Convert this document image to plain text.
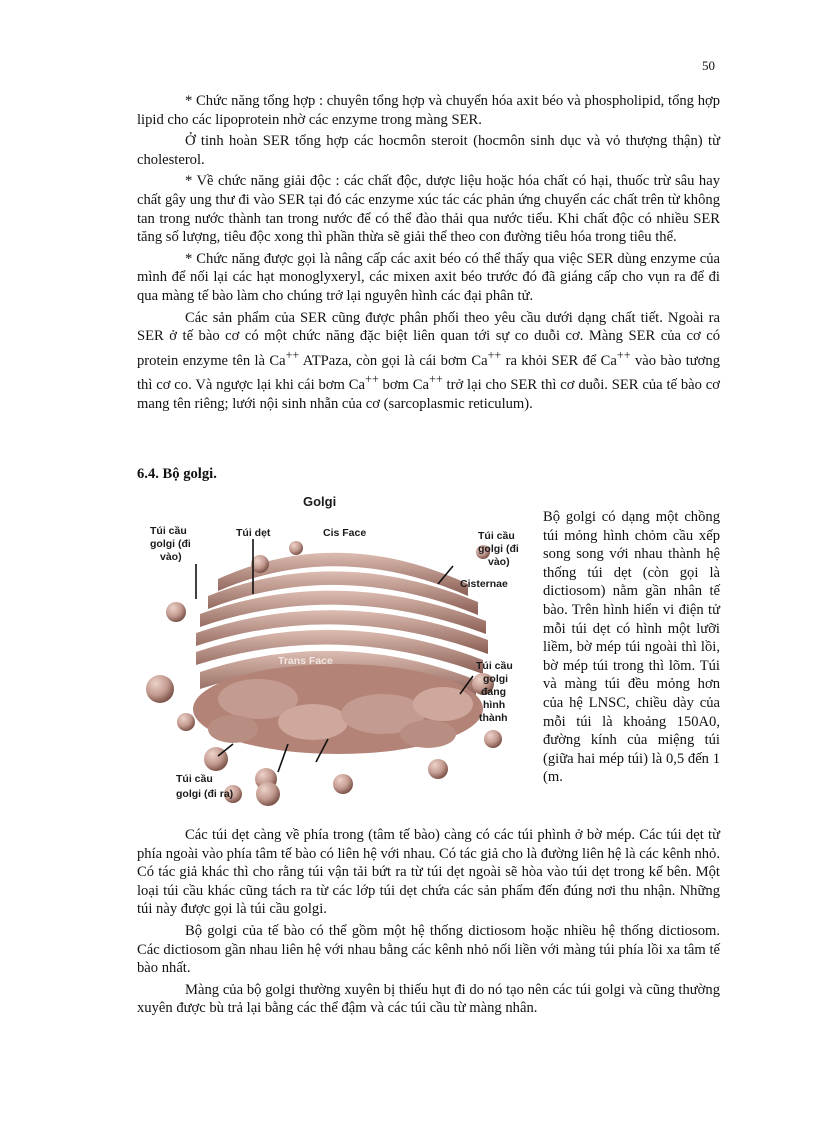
50

* Chức năng tổng hợp : chuyên tổng hợp và chuyển hóa axit béo và phospholipid, tổng hợp lipid cho các lipoprotein nhờ các enzyme trong màng SER.

Ở tinh hoàn SER tổng hợp các hocmôn steroit (hocmôn sinh dục và vỏ thượng thận) từ cholesterol.

* Về chức năng giải độc : các chất độc, dược liệu hoặc hóa chất có hại, thuốc trừ sâu hay chất gây ung thư đi vào SER tại đó các enzyme xúc tác các phản ứng chuyển các chất trên từ không tan trong nước thành tan trong nước để có thể đào thải qua nước tiểu. Khi chất độc có nhiều SER tăng số lượng, tiêu độc xong thì phần thừa sẽ giải thể theo con đường tiêu hóa trong tiêu thể.

* Chức năng được gọi là nâng cấp các axit béo có thể thấy qua việc SER dùng enzyme của mình để nối lại các hạt monoglyxeryl, các mixen axit béo trước đó đã giáng cấp cho vụn ra để đi qua màng tế bào làm cho chúng trở lại nguyên hình các đại phân tử.

Các sản phẩm của SER cũng được phân phối theo yêu cầu dưới dạng chất tiết. Ngoài ra SER ở tế bào cơ có một chức năng đặc biệt liên quan tới sự co duỗi cơ. Màng SER của cơ có protein enzyme tên là Ca++ ATPaza, còn gọi là cái bơm Ca++ ra khỏi SER để Ca++ vào bào tương thì cơ co. Và ngược lại khi cái bơm Ca++ bơm Ca++ trở lại cho SER thì cơ duỗi. SER của tế bào cơ mang tên riêng; lưới nội sinh nhẵn của cơ (sarcoplasmic reticulum).

6.4. Bộ golgi.
Golgi
Túi cầu
golgi (đi
vào)
Túi dẹt	Cis Face	Túi cầu
golgi (đi
vào)
Cisternae
Trans Face	Túi cầu
golgi
đang
hình
thành
Túi cầu
golgi (đi ra)
Bộ golgi có dạng một chồng túi mỏng hình chỏm cầu xếp song song với nhau thành hệ thống túi dẹt (còn gọi là dictiosom) nằm gần nhân tế bào. Trên hình hiển vi điện tử mỗi túi dẹt có hình một lưỡi liềm, bờ mép túi ngoài thì lồi, bờ mép túi trong thì lõm. Túi và màng túi đều mỏng hơn của hệ LNSC, chiều dày của mỗi túi là khoảng 150A0, đường kính của miệng túi (giữa hai mép túi) là 0,5 đến 1 (m.

Các túi dẹt càng về phía trong (tâm tế bào) càng có các túi phình ở bờ mép. Các túi dẹt từ phía ngoài vào phía tâm tế bào có liên hệ với nhau. Có tác giả cho là đường liên hệ là các kênh nhỏ. Có tác giả khác thì cho rằng túi vận tải bứt ra từ túi dẹt ngoài sẽ hòa vào túi dẹt trong kế bên. Một loại túi cầu khác cũng tách ra từ các lớp túi dẹt chứa các sản phẩm đến đúng nơi thu nhận. Những túi này được gọi là túi cầu golgi.

Bộ golgi của tế bào có thể gồm một hệ thống dictiosom hoặc nhiều hệ thống dictiosom. Các dictiosom gần nhau liên hệ với nhau bằng các kênh nhỏ nối liền với màng túi phía lồi xa tâm tế bào nhất.

Màng của bộ golgi thường xuyên bị thiếu hụt đi do nó tạo nên các túi golgi và cũng thường xuyên được bù trả lại bằng các thể đậm và các túi cầu từ màng nhân.
